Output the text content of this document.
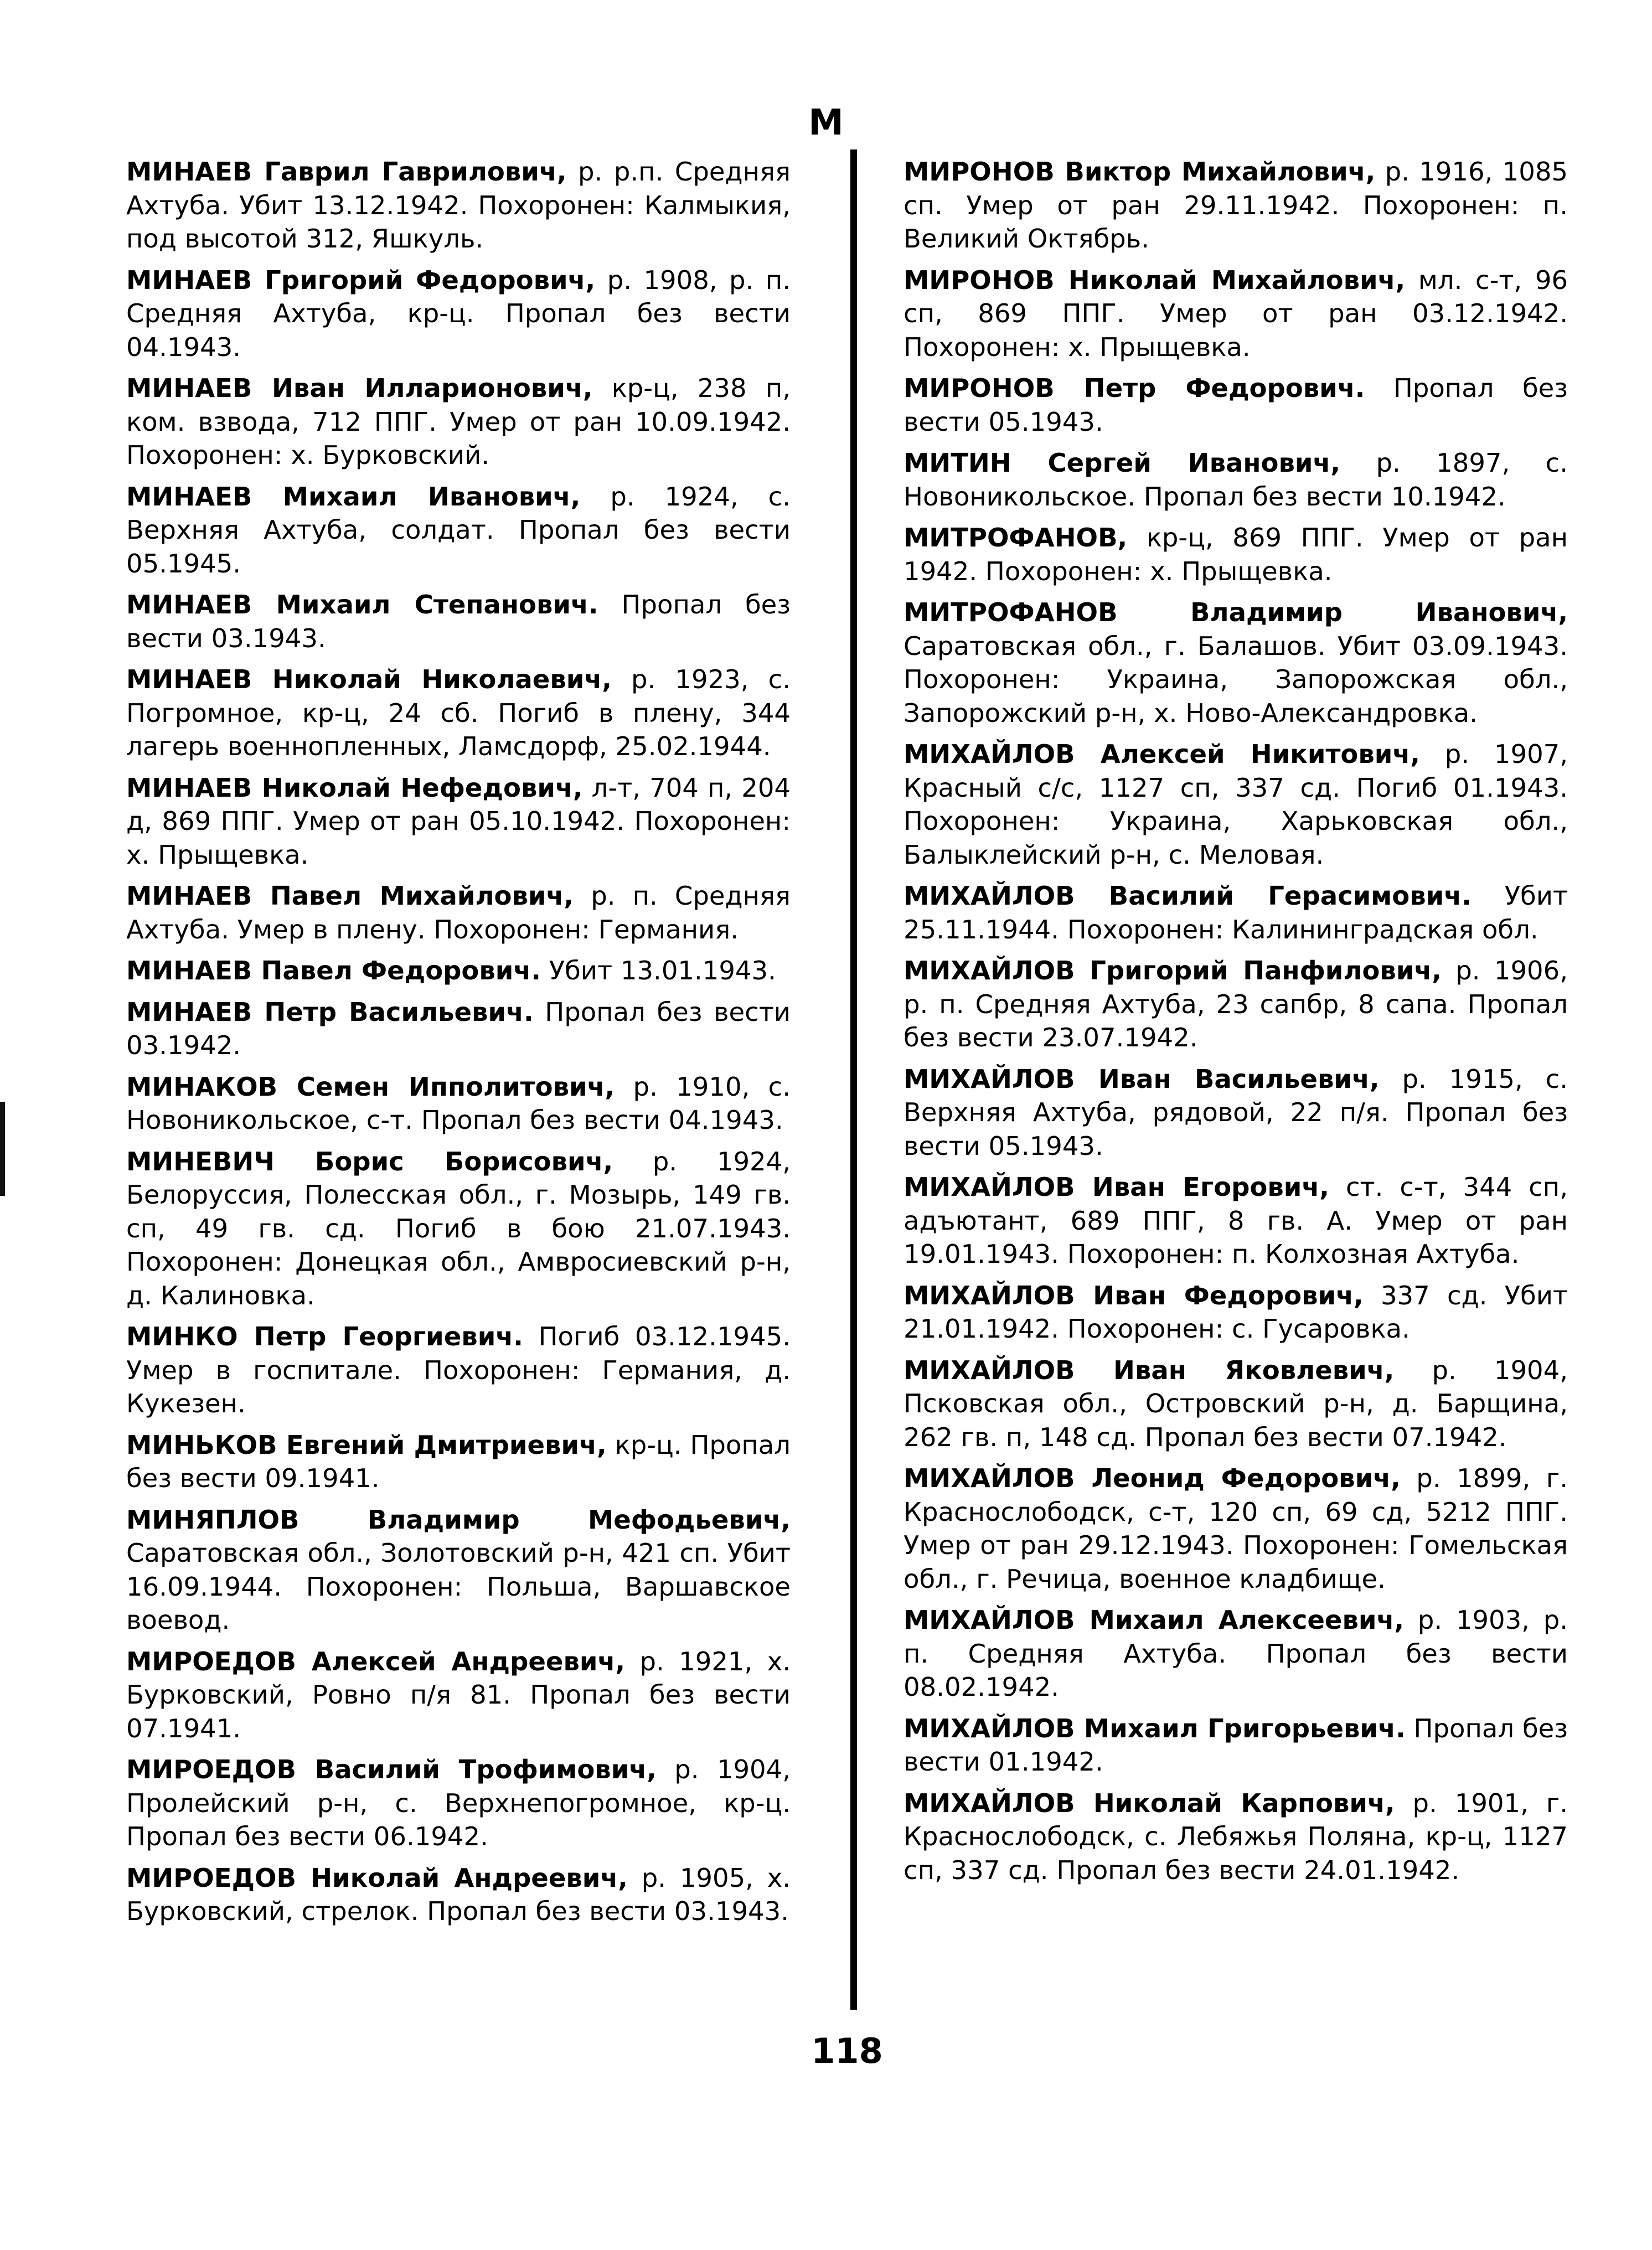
М

МИНАЕВ Гаврил Гаврилович, р. р.п. Средняя Ахтуба. Убит 13.12.1942. Похоронен: Калмыкия, под высотой 312, Яшкуль.

МИНАЕВ Григорий Федорович, р. 1908, р. п. Средняя Ахтуба, кр-ц. Пропал без вести 04.1943.

МИНАЕВ Иван Илларионович, кр-ц, 238 п, ком. взвода, 712 ППГ. Умер от ран 10.09.1942. Похоронен: х. Бурковский.

МИНАЕВ Михаил Иванович, р. 1924, с. Верхняя Ахтуба, солдат. Пропал без вести 05.1945.

МИНАЕВ Михаил Степанович. Пропал без вести 03.1943.

МИНАЕВ Николай Николаевич, р. 1923, с. Погромное, кр-ц, 24 сб. Погиб в плену, 344 лагерь военнопленных, Ламсдорф, 25.02.1944.

МИНАЕВ Николай Нефедович, л-т, 704 п, 204 д, 869 ППГ. Умер от ран 05.10.1942. Похоронен: х. Прыщевка.

МИНАЕВ Павел Михайлович, р. п. Средняя Ахтуба. Умер в плену. Похоронен: Германия.

МИНАЕВ Павел Федорович. Убит 13.01.1943.

МИНАЕВ Петр Васильевич. Пропал без вести 03.1942.

МИНАКОВ Семен Ипполитович, р. 1910, с. Новоникольское, с-т. Пропал без вести 04.1943.

МИНЕВИЧ Борис Борисович, р. 1924, Белоруссия, Полесская обл., г. Мозырь, 149 гв. сп, 49 гв. сд. Погиб в бою 21.07.1943. Похоронен: Донецкая обл., Амвросиевский р-н, д. Калиновка.

МИНКО Петр Георгиевич. Погиб 03.12.1945. Умер в госпитале. Похоронен: Германия, д. Кукезен.

МИНЬКОВ Евгений Дмитриевич, кр-ц. Пропал без вести 09.1941.

МИНЯПЛОВ Владимир Мефодьевич, Саратовская обл., Золотовский р-н, 421 сп. Убит 16.09.1944. Похоронен: Польша, Варшавское воевод.

МИРОЕДОВ Алексей Андреевич, р. 1921, х. Бурковский, Ровно п/я 81. Пропал без вести 07.1941.

МИРОЕДОВ Василий Трофимович, р. 1904, Пролейский р-н, с. Верхнепогромное, кр-ц. Пропал без вести 06.1942.

МИРОЕДОВ Николай Андреевич, р. 1905, х. Бурковский, стрелок. Пропал без вести 03.1943.

МИРОНОВ Виктор Михайлович, р. 1916, 1085 сп. Умер от ран 29.11.1942. Похоронен: п. Великий Октябрь.

МИРОНОВ Николай Михайлович, мл. с-т, 96 сп, 869 ППГ. Умер от ран 03.12.1942. Похоронен: х. Прыщевка.

МИРОНОВ Петр Федорович. Пропал без вести 05.1943.

МИТИН Сергей Иванович, р. 1897, с. Новоникольское. Пропал без вести 10.1942.

МИТРОФАНОВ, кр-ц, 869 ППГ. Умер от ран 1942. Похоронен: х. Прыщевка.

МИТРОФАНОВ Владимир Иванович, Саратовская обл., г. Балашов. Убит 03.09.1943. Похоронен: Украина, Запорожская обл., Запорожский р-н, х. Ново-Александровка.

МИХАЙЛОВ Алексей Никитович, р. 1907, Красный с/с, 1127 сп, 337 сд. Погиб 01.1943. Похоронен: Украина, Харьковская обл., Балыклейский р-н, с. Меловая.

МИХАЙЛОВ Василий Герасимович. Убит 25.11.1944. Похоронен: Калининградская обл.

МИХАЙЛОВ Григорий Панфилович, р. 1906, р. п. Средняя Ахтуба, 23 сапбр, 8 сапа. Пропал без вести 23.07.1942.

МИХАЙЛОВ Иван Васильевич, р. 1915, с. Верхняя Ахтуба, рядовой, 22 п/я. Пропал без вести 05.1943.

МИХАЙЛОВ Иван Егорович, ст. с-т, 344 сп, адъютант, 689 ППГ, 8 гв. А. Умер от ран 19.01.1943. Похоронен: п. Колхозная Ахтуба.

МИХАЙЛОВ Иван Федорович, 337 сд. Убит 21.01.1942. Похоронен: с. Гусаровка.

МИХАЙЛОВ Иван Яковлевич, р. 1904, Псковская обл., Островский р-н, д. Барщина, 262 гв. п, 148 сд. Пропал без вести 07.1942.

МИХАЙЛОВ Леонид Федорович, р. 1899, г. Краснослободск, с-т, 120 сп, 69 сд, 5212 ППГ. Умер от ран 29.12.1943. Похоронен: Гомельская обл., г. Речица, военное кладбище.

МИХАЙЛОВ Михаил Алексеевич, р. 1903, р. п. Средняя Ахтуба. Пропал без вести 08.02.1942.

МИХАЙЛОВ Михаил Григорьевич. Пропал без вести 01.1942.

МИХАЙЛОВ Николай Карпович, р. 1901, г. Краснослободск, с. Лебяжья Поляна, кр-ц, 1127 сп, 337 сд. Пропал без вести 24.01.1942.

118
